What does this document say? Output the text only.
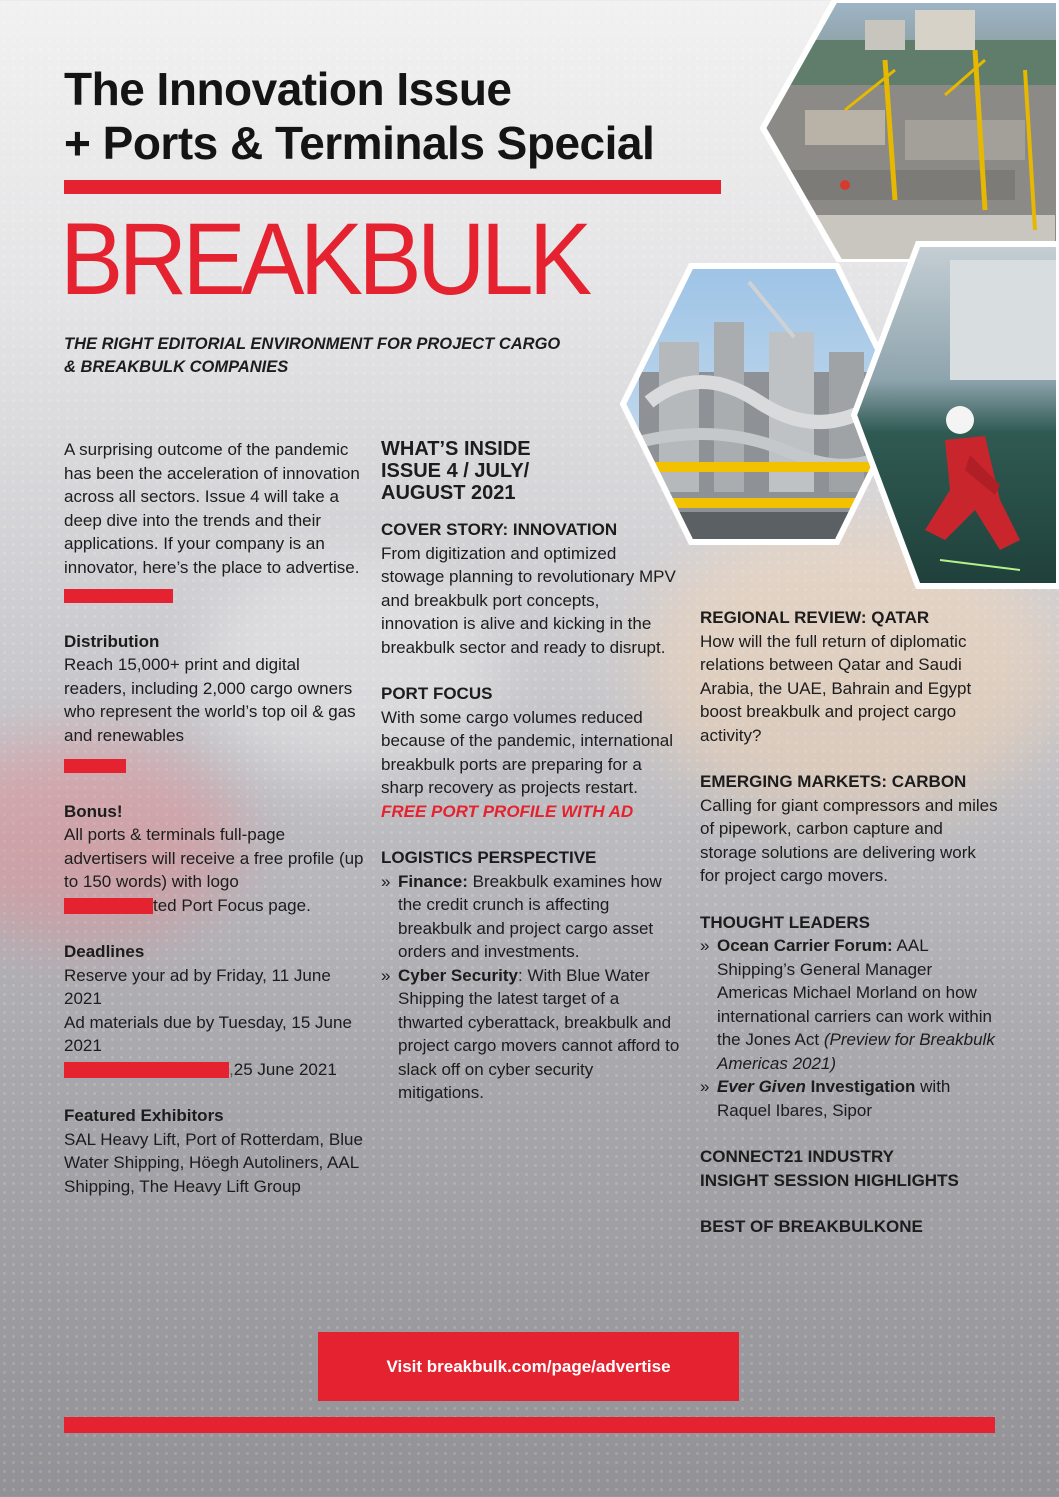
The Innovation Issue
+ Ports & Terminals Special
BREAKBULK
THE RIGHT EDITORIAL ENVIRONMENT FOR PROJECT CARGO
& BREAKBULK COMPANIES
A surprising outcome of the pandemic has been the acceleration of innovation across all sectors. Issue 4 will take a deep dive into the trends and their applications. If your company is an innovator, here’s the place to advertise.
Distribution
Reach 15,000+ print and digital readers, including 2,000 cargo owners who represent the world’s top oil & gas and renewables
Bonus!
All ports & terminals full-page advertisers will receive a free profile (up to 150 words) with logo
ted Port Focus page.
Deadlines
Reserve your ad by Friday, 11 June 2021
Ad materials due by Tuesday, 15 June 2021
,25 June 2021
Featured Exhibitors
SAL Heavy Lift, Port of Rotterdam, Blue Water Shipping, Höegh Autoliners, AAL Shipping, The Heavy Lift Group
WHAT’S INSIDE
ISSUE 4 / JULY/
AUGUST 2021
COVER STORY: INNOVATION
From digitization and optimized stowage planning to revolutionary MPV and breakbulk port concepts, innovation is alive and kicking in the breakbulk sector and ready to disrupt.
PORT FOCUS
With some cargo volumes reduced because of the pandemic, international breakbulk ports are preparing for a sharp recovery as projects restart. FREE PORT PROFILE WITH AD
LOGISTICS PERSPECTIVE
» Finance: Breakbulk examines how the credit crunch is affecting breakbulk and project cargo asset orders and investments.
» Cyber Security: With Blue Water Shipping the latest target of a thwarted cyberattack, breakbulk and project cargo movers cannot afford to slack off on cyber security mitigations.
REGIONAL REVIEW: QATAR
How will the full return of diplomatic relations between Qatar and Saudi Arabia, the UAE, Bahrain and Egypt boost breakbulk and project cargo activity?
EMERGING MARKETS: CARBON
Calling for giant compressors and miles of pipework, carbon capture and storage solutions are delivering work for project cargo movers.
THOUGHT LEADERS
» Ocean Carrier Forum: AAL Shipping’s General Manager Americas Michael Morland on how international carriers can work within the Jones Act (Preview for Breakbulk Americas 2021)
» Ever Given Investigation with Raquel Ibares, Sipor
CONNECT21 INDUSTRY
INSIGHT SESSION HIGHLIGHTS
BEST OF BREAKBULKONE
Visit breakbulk.com/page/advertise
